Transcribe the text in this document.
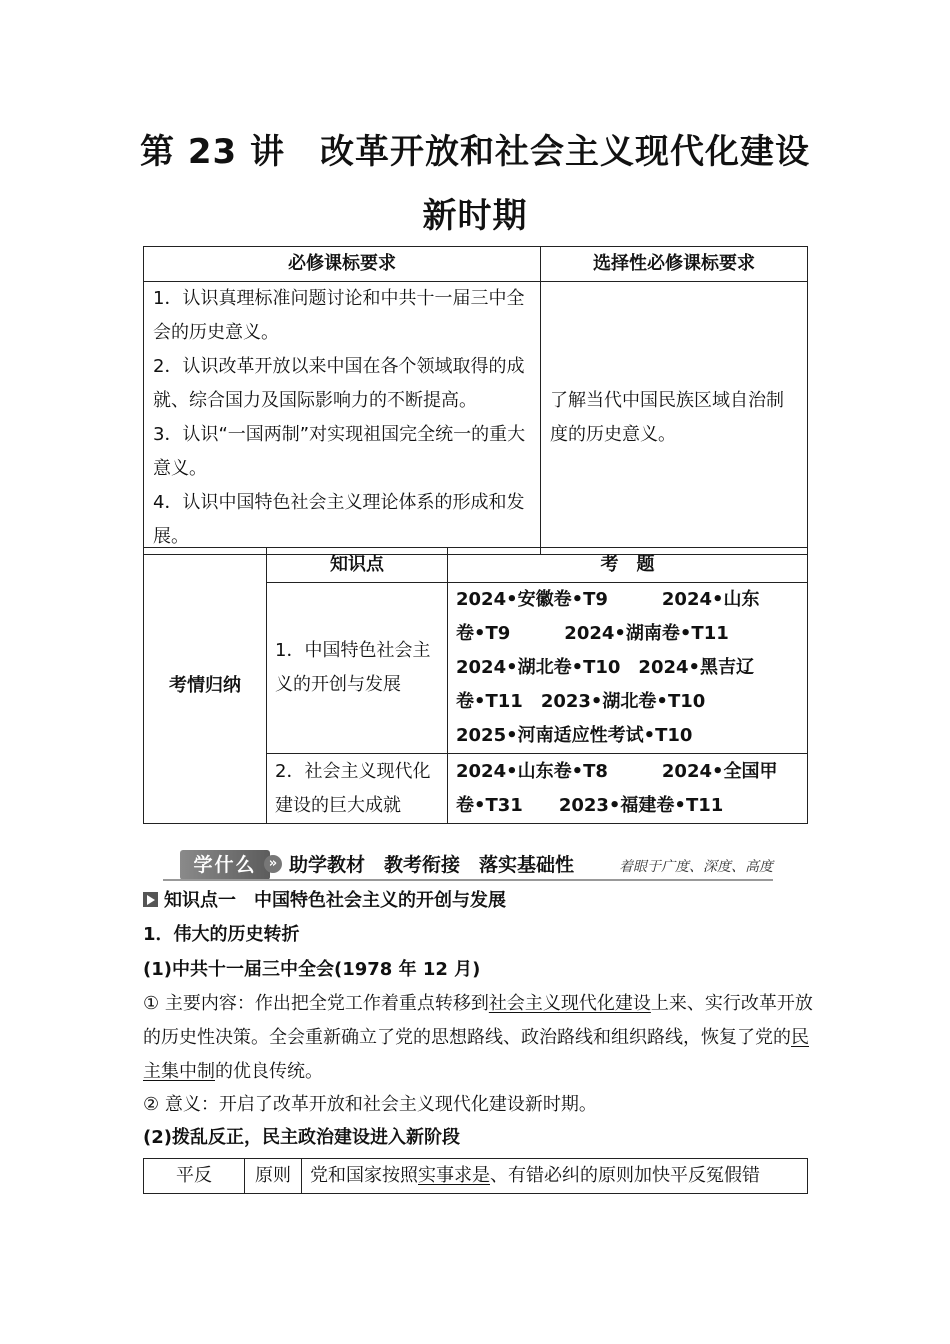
第 23 讲　改革开放和社会主义现代化建设
新时期
必修课标要求	选择性必修课标要求

1．认识真理标准问题讨论和中共十一届三中全会的历史意义。

2．认识改革开放以来中国在各个领域取得的成就、综合国力及国际影响力的不断提高。

3．认识“一国两制”对实现祖国完全统一的重大意义。

4．认识中国特色社会主义理论体系的形成和发展。	了解当代中国民族区域自治制度的历史意义。
考情归纳	知识点	考　题
	1．中国特色社会主义的开创与发展	2024•安徽卷•T9　　　2024•山东
卷•T9　　　2024•湖南卷•T11
2024•湖北卷•T10　2024•黑吉辽
卷•T11　2023•湖北卷•T10
2025•河南适应性考试•T10

	2．社会主义现代化建设的巨大成就	2024•山东卷•T8　　　2024•全国甲
卷•T31　　2023•福建卷•T11
学什么 » 助学教材　教考衔接　落实基础性	着眼于广度、深度、高度
知识点一　中国特色社会主义的开创与发展
1．伟大的历史转折
(1)中共十一届三中全会(1978 年 12 月)
① 主要内容：作出把全党工作着重点转移到社会主义现代化建设上来、实行改革开放的历史性决策。全会重新确立了党的思想路线、政治路线和组织路线，恢复了党的民主集中制的优良传统。
② 意义：开启了改革开放和社会主义现代化建设新时期。
(2)拨乱反正，民主政治建设进入新阶段
平反	原则	党和国家按照实事求是、有错必纠的原则加快平反冤假错
